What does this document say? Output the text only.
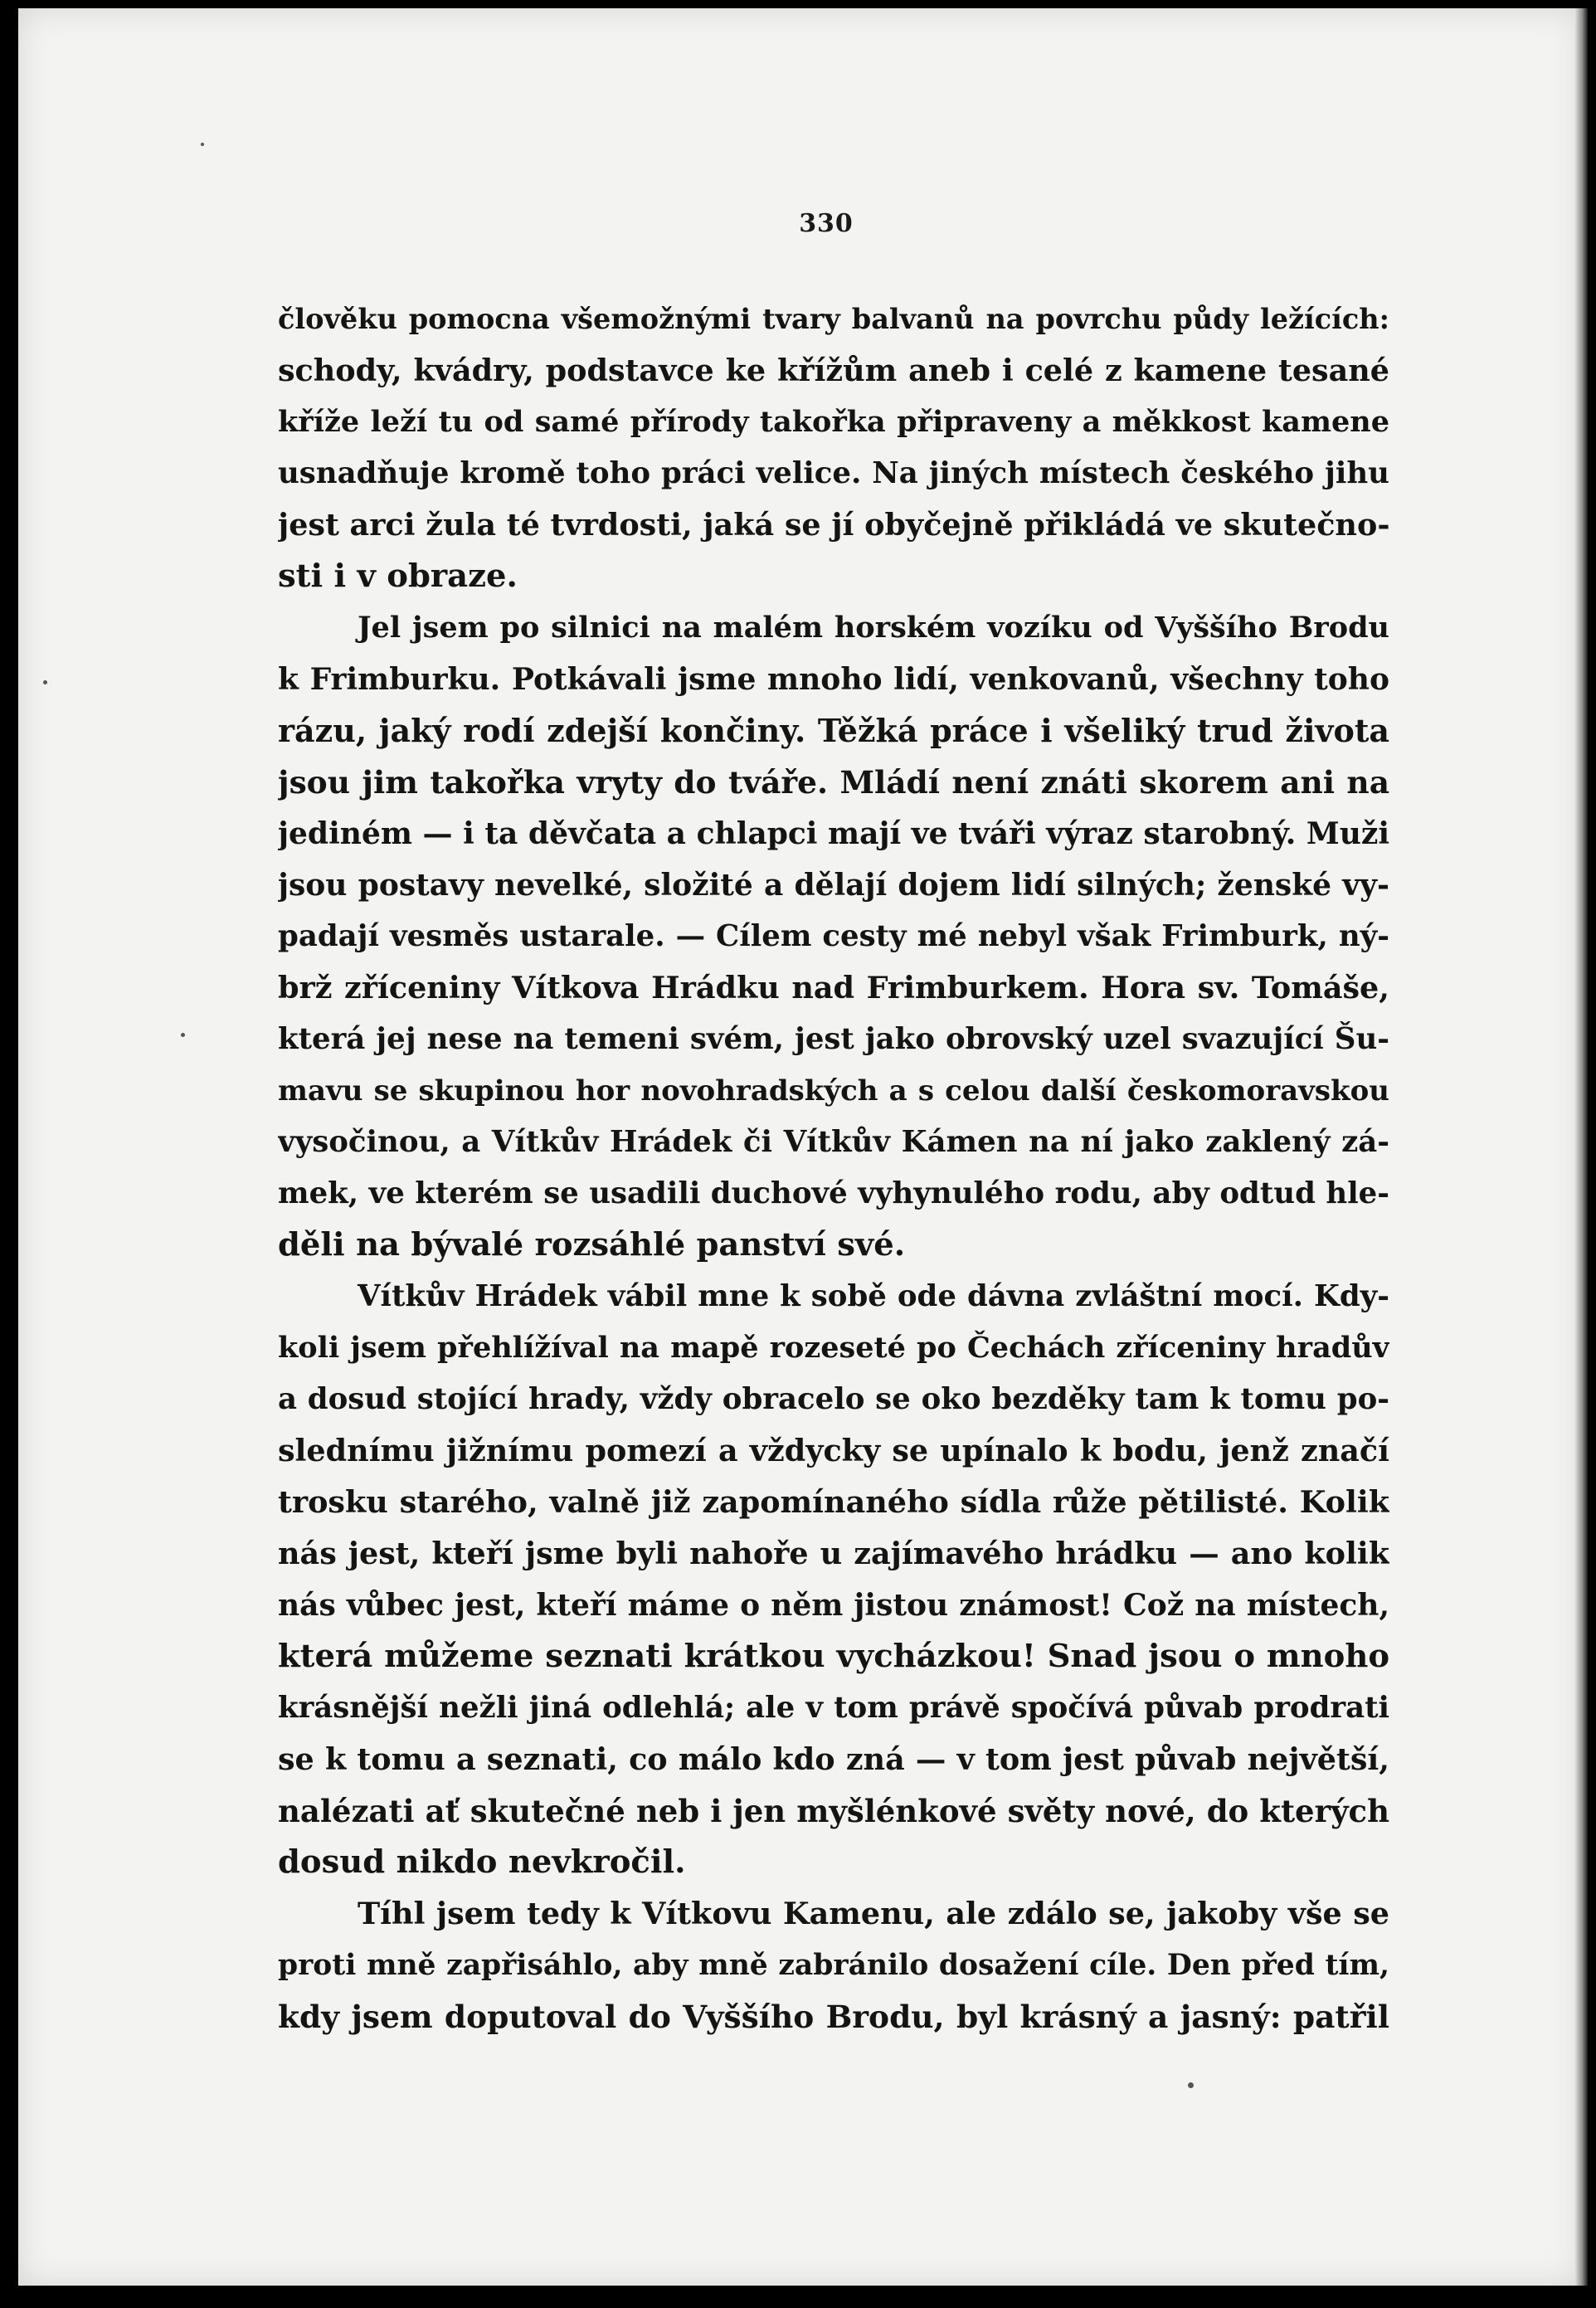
330
člověku pomocna všemožnými tvary balvanů na povrchu půdy ležících:
schody, kvádry, podstavce ke křížům aneb i celé z kamene tesané
kříže leží tu od samé přírody takořka připraveny a měkkost kamene
usnadňuje kromě toho práci velice. Na jiných místech českého jihu
jest arci žula té tvrdosti, jaká se jí obyčejně přikládá ve skutečno-
sti i v obraze.
Jel jsem po silnici na malém horském vozíku od Vyššího Brodu
k Frimburku. Potkávali jsme mnoho lidí, venkovanů, všechny toho
rázu, jaký rodí zdejší končiny. Těžká práce i všeliký trud života
jsou jim takořka vryty do tváře. Mládí není znáti skorem ani na
jediném — i ta děvčata a chlapci mají ve tváři výraz starobný. Muži
jsou postavy nevelké, složité a dělají dojem lidí silných; ženské vy-
padají vesměs ustarale. — Cílem cesty mé nebyl však Frimburk, ný-
brž zříceniny Vítkova Hrádku nad Frimburkem. Hora sv. Tomáše,
která jej nese na temeni svém, jest jako obrovský uzel svazující Šu-
mavu se skupinou hor novohradských a s celou další českomoravskou
vysočinou, a Vítkův Hrádek či Vítkův Kámen na ní jako zaklený zá-
mek, ve kterém se usadili duchové vyhynulého rodu, aby odtud hle-
děli na bývalé rozsáhlé panství své.
Vítkův Hrádek vábil mne k sobě ode dávna zvláštní mocí. Kdy-
koli jsem přehlížíval na mapě rozeseté po Čechách zříceniny hradův
a dosud stojící hrady, vždy obracelo se oko bezděky tam k tomu po-
slednímu jižnímu pomezí a vždycky se upínalo k bodu, jenž značí
trosku starého, valně již zapomínaného sídla růže pětilisté. Kolik
nás jest, kteří jsme byli nahoře u zajímavého hrádku — ano kolik
nás vůbec jest, kteří máme o něm jistou známost! Což na místech,
která můžeme seznati krátkou vycházkou! Snad jsou o mnoho
krásnější nežli jiná odlehlá; ale v tom právě spočívá půvab prodrati
se k tomu a seznati, co málo kdo zná — v tom jest půvab největší,
nalézati ať skutečné neb i jen myšlénkové světy nové, do kterých
dosud nikdo nevkročil.
Tíhl jsem tedy k Vítkovu Kamenu, ale zdálo se, jakoby vše se
proti mně zapřisáhlo, aby mně zabránilo dosažení cíle. Den před tím,
kdy jsem doputoval do Vyššího Brodu, byl krásný a jasný: patřil
